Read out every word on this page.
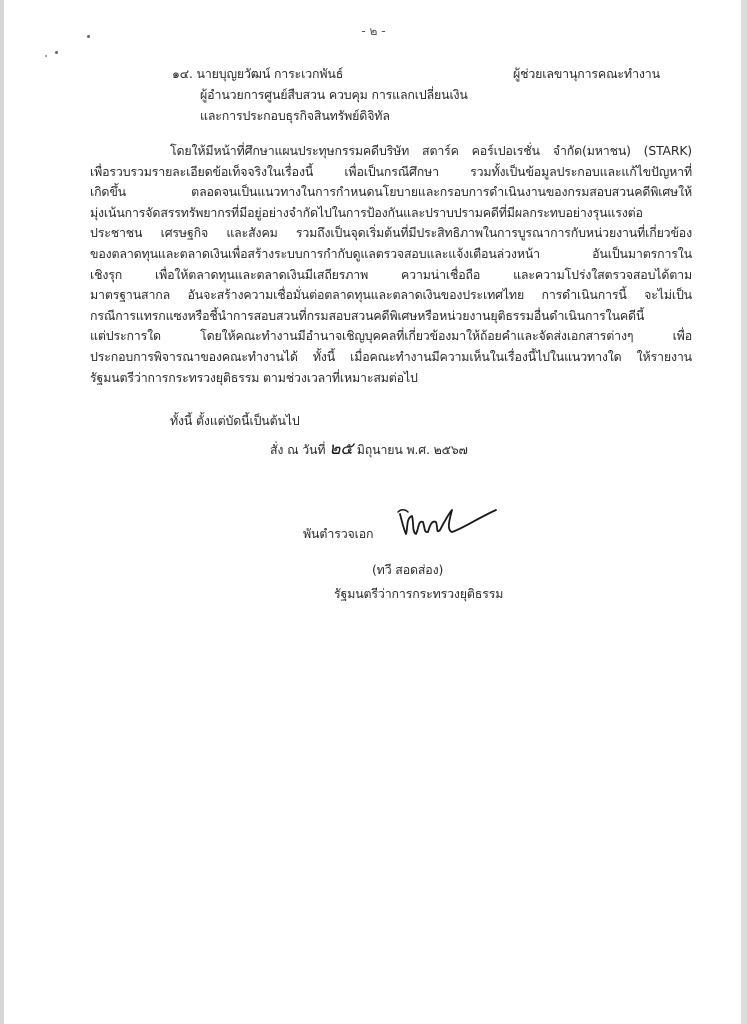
- ๒ -
๑๔. นายบุญยวัฒน์ การะเวกพันธ์	ผู้ช่วยเลขานุการคณะทำงาน
ผู้อำนวยการศูนย์สืบสวน ควบคุม การแลกเปลี่ยนเงิน
และการประกอบธุรกิจสินทรัพย์ดิจิทัล
โดยให้มีหน้าที่ศึกษาแผนประทุษกรรมคดีบริษัท สตาร์ค คอร์เปอเรชั่น จำกัด(มหาชน) (STARK)
เพื่อรวบรวมรายละเอียดข้อเท็จจริงในเรื่องนี้ เพื่อเป็นกรณีศึกษา รวมทั้งเป็นข้อมูลประกอบและแก้ไขปัญหาที่
เกิดขึ้น ตลอดจนเป็นแนวทางในการกำหนดนโยบายและกรอบการดำเนินงานของกรมสอบสวนคดีพิเศษให้
มุ่งเน้นการจัดสรรทรัพยากรที่มีอยู่อย่างจำกัดไปในการป้องกันและปราบปรามคดีที่มีผลกระทบอย่างรุนแรงต่อ
ประชาชน เศรษฐกิจ และสังคม รวมถึงเป็นจุดเริ่มต้นที่มีประสิทธิภาพในการบูรณาการกับหน่วยงานที่เกี่ยวข้อง
ของตลาดทุนและตลาดเงินเพื่อสร้างระบบการกำกับดูแลตรวจสอบและแจ้งเตือนล่วงหน้า อันเป็นมาตรการใน
เชิงรุก เพื่อให้ตลาดทุนและตลาดเงินมีเสถียรภาพ ความน่าเชื่อถือ และความโปร่งใสตรวจสอบได้ตาม
มาตรฐานสากล อันจะสร้างความเชื่อมั่นต่อตลาดทุนและตลาดเงินของประเทศไทย การดำเนินการนี้ จะไม่เป็น
กรณีการแทรกแซงหรือชี้นำการสอบสวนที่กรมสอบสวนคดีพิเศษหรือหน่วยงานยุติธรรมอื่นดำเนินการในคดีนี้
แต่ประการใด โดยให้คณะทำงานมีอำนาจเชิญบุคคลที่เกี่ยวข้องมาให้ถ้อยคำและจัดส่งเอกสารต่างๆ เพื่อ
ประกอบการพิจารณาของคณะทำงานได้ ทั้งนี้ เมื่อคณะทำงานมีความเห็นในเรื่องนี้ไปในแนวทางใด ให้รายงาน
รัฐมนตรีว่าการกระทรวงยุติธรรม ตามช่วงเวลาที่เหมาะสมต่อไป
ทั้งนี้ ตั้งแต่บัดนี้เป็นต้นไป
สั่ง ณ วันที่ ๒๕ มิถุนายน พ.ศ. ๒๕๖๗
พันตำรวจเอก
(ทวี สอดส่อง)
รัฐมนตรีว่าการกระทรวงยุติธรรม
